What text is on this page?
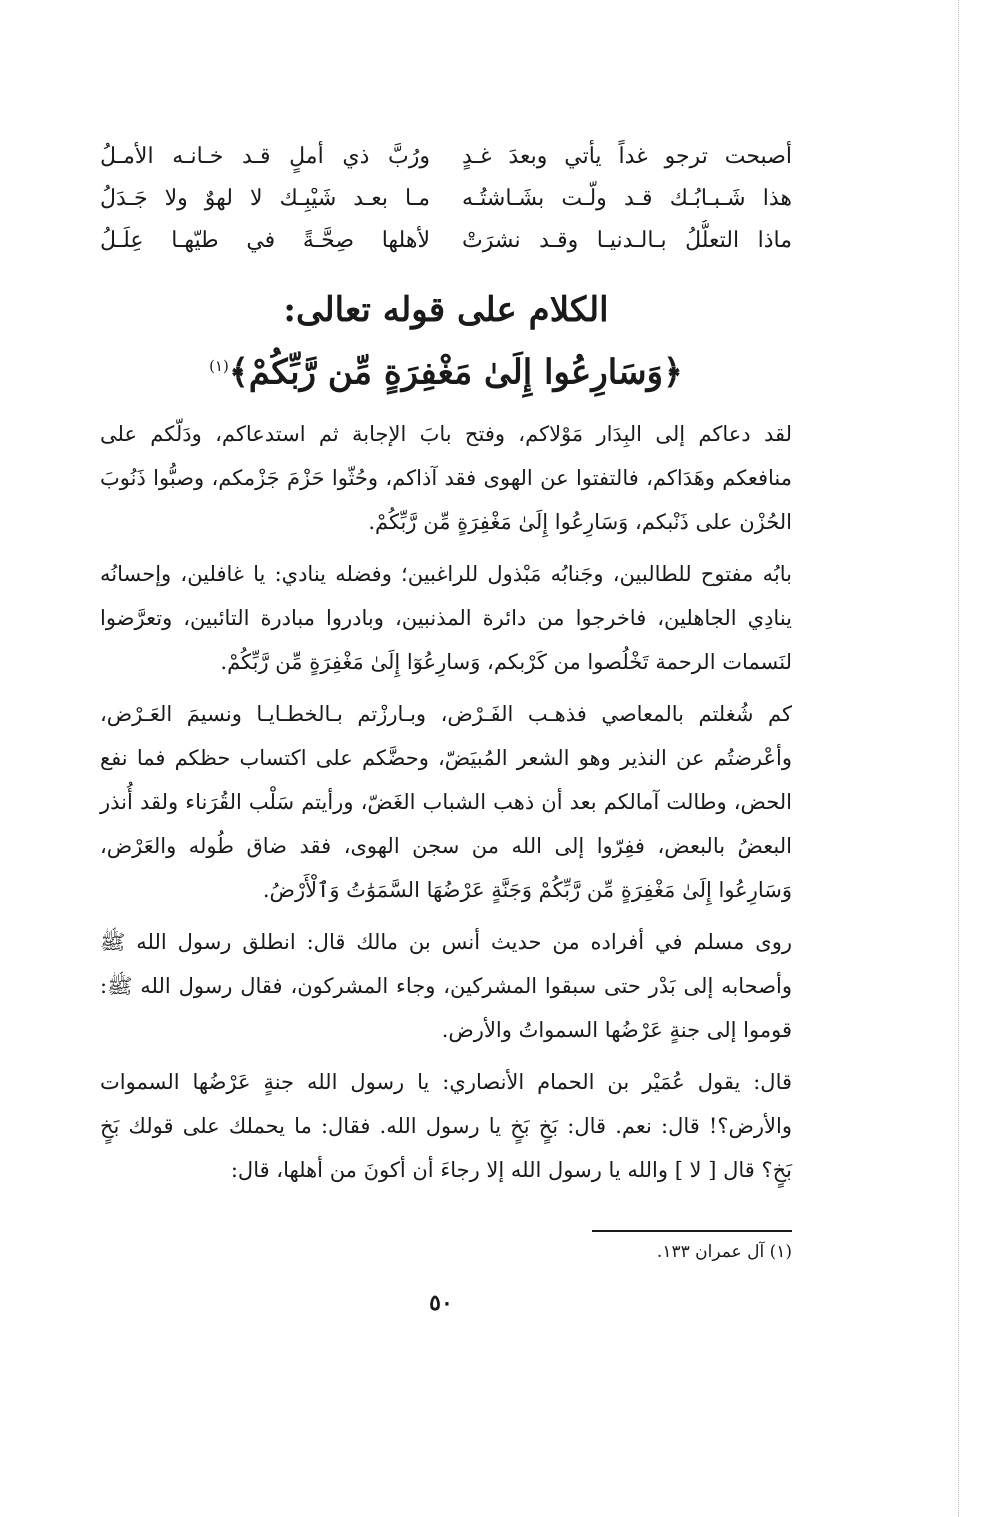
أصبحت ترجو غداً يأتي وبعدَ غـدٍ
ورُبَّ ذي أملٍ قـد خـانـه الأمـلُ
هذا شَـبـابُـك قـد ولّـت بشَـاشتُـه
مـا بعـد شَيْبِـك لا لهوٌ ولا جَـدَلُ
ماذا التعلُّلُ بـالـدنيـا وقـد نشرَتْ
لأهلها صِحَّـةً في طيّهـا عِلَـلُ
الكلام على قوله تعالى:
﴿وَسَارِعُوا إِلَىٰ مَغْفِرَةٍ مِّن رَّبِّكُمْ﴾$^{(١)}$

لقد دعاكم إلى البِدَار مَوْلاكم، وفتح بابَ الإجابة ثم استدعاكم، ودَلّكم على منافعكم وهَدَاكم، فالتفتوا عن الهوى فقد آذاكم، وحُثّوا حَزْمَ جَزْمكم، وصبُّوا ذَنُوبَ الحُزْن على ذَنْبكم، وَسَارِعُوا إِلَىٰ مَغْفِرَةٍ مِّن رَّبِّكُمْ.

بابُه مفتوح للطالبين، وجَنابُه مَبْذول للراغبين؛ وفضله ينادي: يا غافلين، وإحسانُه ينادِي الجاهلين، فاخرجوا من دائرة المذنبين، وبادروا مبادرة التائبين، وتعرَّضوا لنَسمات الرحمة تَخْلُصوا من كَرْبكم، وَسارِعُوٓا إِلَىٰ مَغْفِرَةٍ مِّن رَّبِّكُمْ.

كم شُغلتم بالمعاصي فذهـب الفَـرْض، وبـارزْتم بـالخطـايـا ونسيمَ العَـرْض، وأعْرضتُم عن النذير وهو الشعر المُبيَضّ، وحضَّكم على اكتساب حظكم فما نفع الحض، وطالت آمالكم بعد أن ذهب الشباب الغَضّ، ورأيتم سَلْب القُرَناء ولقد أُنذر البعضُ بالبعض، ففِرّوا إلى الله من سجن الهوى، فقد ضاق طُوله والعَرْض، وَسَارِعُوا إِلَىٰ مَغْفِرَةٍ مِّن رَّبِّكُمْ وَجَنَّةٍ عَرْضُهَا السَّمَوَٰتُ وَٱلْأَرْضُ.

روى مسلم في أفراده من حديث أنس بن مالك قال: انطلق رسول الله ﷺ وأصحابه إلى بَدْر حتى سبقوا المشركين، وجاء المشركون، فقال رسول الله ﷺ: قوموا إلى جنةٍ عَرْضُها السمواتُ والأرض.

قال: يقول عُمَيْر بن الحمام الأنصاري: يا رسول الله جنةٍ عَرْضُها السموات والأرض؟! قال: نعم. قال: بَخٍ بَخٍ يا رسول الله. فقال: ما يحملك على قولك بَخٍ بَخٍ؟ قال [ لا ] والله يا رسول الله إلا رجاءَ أن أكونَ من أهلها، قال:

(١) آل عمران ١٣٣.
٥٠
